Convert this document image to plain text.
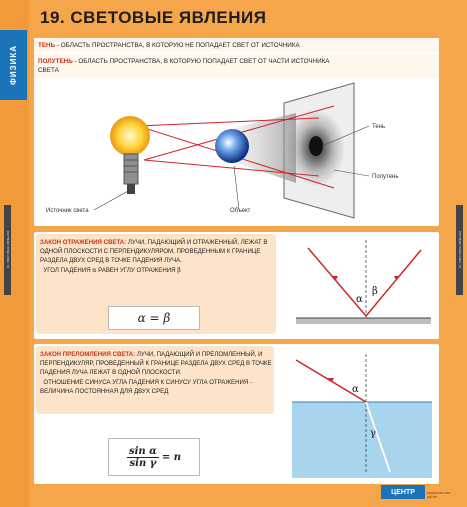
ФИЗИКА
19. СВЕТОВЫЕ ЯВЛЕНИЯ	19. СВЕТОВЫЕ ЯВЛЕНИЯ
19. СВЕТОВЫЕ ЯВЛЕНИЯ
ТЕНЬ - ОБЛАСТЬ ПРОСТРАНСТВА, В КОТОРУЮ НЕ ПОПАДАЕТ СВЕТ ОТ ИСТОЧНИКА
ПОЛУТЕНЬ - ОБЛАСТЬ ПРОСТРАНСТВА, В КОТОРУЮ ПОПАДАЕТ СВЕТ ОТ ЧАСТИ ИСТОЧНИКА СВЕТА
Тень
Полутень
Источник света	Объект
ЗАКОН ОТРАЖЕНИЯ СВЕТА: ЛУЧИ, ПАДАЮЩИЙ И ОТРАЖЕННЫЙ, ЛЕЖАТ В ОДНОЙ ПЛОСКОСТИ С ПЕРПЕНДИКУЛЯРОМ, ПРОВЕДЕННЫМ К ГРАНИЦЕ РАЗДЕЛА ДВУХ СРЕД В ТОЧКЕ ПАДЕНИЯ ЛУЧА.
УГОЛ ПАДЕНИЯ α РАВЕН УГЛУ ОТРАЖЕНИЯ β
α = β
α
β
ЗАКОН ПРЕЛОМЛЕНИЯ СВЕТА: ЛУЧИ, ПАДАЮЩИЙ И ПРЕЛОМЛЕННЫЙ, И ПЕРПЕНДИКУЛЯР, ПРОВЕДЕННЫЙ К ГРАНИЦЕ РАЗДЕЛА ДВУХ СРЕД В ТОЧКЕ ПАДЕНИЯ ЛУЧА ЛЕЖАТ В ОДНОЙ ПЛОСКОСТИ.
ОТНОШЕНИЕ СИНУСА УГЛА ПАДЕНИЯ К СИНУСУ УГЛА ОТРАЖЕНИЯ - ВЕЛИЧИНА ПОСТОЯННАЯ ДЛЯ ДВУХ СРЕД
$\frac{\text{sin α}}{\text{sin γ}} = n$
α
γ
ЦЕНТР	ИЗДАТЕЛЬСТВО ЦЕНТР
